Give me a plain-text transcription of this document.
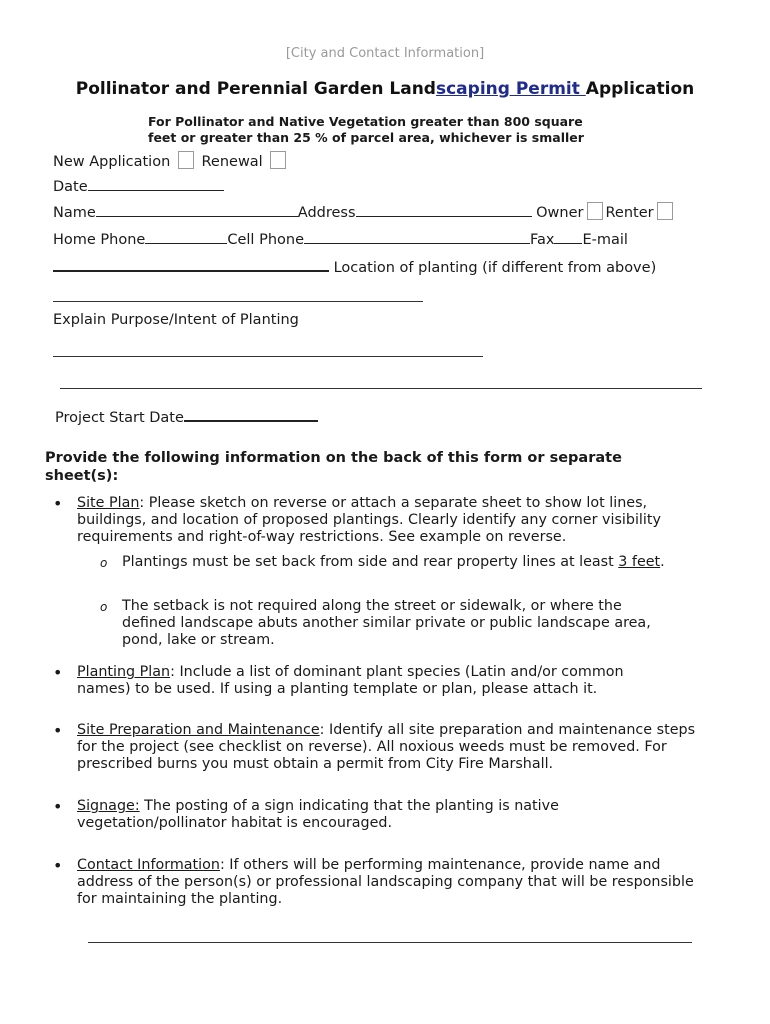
[City and Contact Information]
Pollinator and Perennial Garden Landscaping Permit Application
For Pollinator and Native Vegetation greater than 800 square
feet or greater than 25 % of parcel area, whichever is smaller
New Application Renewal
Date
Name	Address	Owner Renter
Home Phone	Cell Phone	Fax E-mail
Location of planting (if different from above)
Explain Purpose/Intent of Planting
Project Start Date
Provide the following information on the back of this form or separate sheet(s):
• Site Plan: Please sketch on reverse or attach a separate sheet to show lot lines, buildings, and location of proposed plantings. Clearly identify any corner visibility requirements and right-of-way restrictions. See example on reverse.
o Plantings must be set back from side and rear property lines at least 3 feet.
o The setback is not required along the street or sidewalk, or where the defined landscape abuts another similar private or public landscape area, pond, lake or stream.
• Planting Plan: Include a list of dominant plant species (Latin and/or common names) to be used. If using a planting template or plan, please attach it.
• Site Preparation and Maintenance: Identify all site preparation and maintenance steps for the project (see checklist on reverse). All noxious weeds must be removed. For prescribed burns you must obtain a permit from City Fire Marshall.
• Signage: The posting of a sign indicating that the planting is native vegetation/pollinator habitat is encouraged.
• Contact Information: If others will be performing maintenance, provide name and address of the person(s) or professional landscaping company that will be responsible for maintaining the planting.
